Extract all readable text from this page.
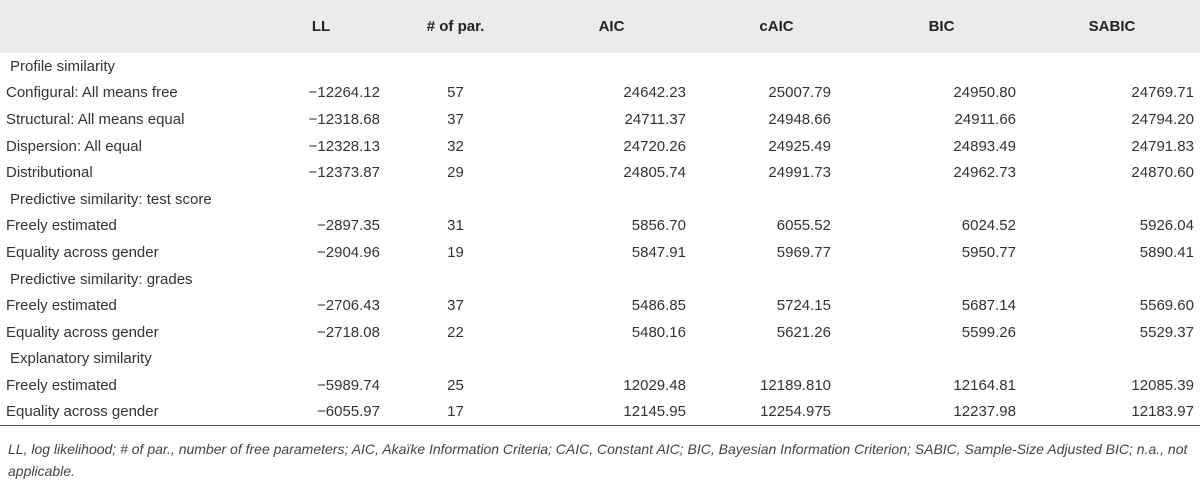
	LL	# of par.	AIC	cAIC	BIC	SABIC
Profile similarity						
Configural: All means free	−12264.12	57	24642.23	25007.79	24950.80	24769.71
Structural: All means equal	−12318.68	37	24711.37	24948.66	24911.66	24794.20
Dispersion: All equal	−12328.13	32	24720.26	24925.49	24893.49	24791.83
Distributional	−12373.87	29	24805.74	24991.73	24962.73	24870.60
Predictive similarity: test score						
Freely estimated	−2897.35	31	5856.70	6055.52	6024.52	5926.04
Equality across gender	−2904.96	19	5847.91	5969.77	5950.77	5890.41
Predictive similarity: grades						
Freely estimated	−2706.43	37	5486.85	5724.15	5687.14	5569.60
Equality across gender	−2718.08	22	5480.16	5621.26	5599.26	5529.37
Explanatory similarity						
Freely estimated	−5989.74	25	12029.48	12189.810	12164.81	12085.39
Equality across gender	−6055.97	17	12145.95	12254.975	12237.98	12183.97
LL, log likelihood; # of par., number of free parameters; AIC, Akaïke Information Criteria; CAIC, Constant AIC; BIC, Bayesian Information Criterion; SABIC, Sample-Size Adjusted BIC; n.a., not applicable.
